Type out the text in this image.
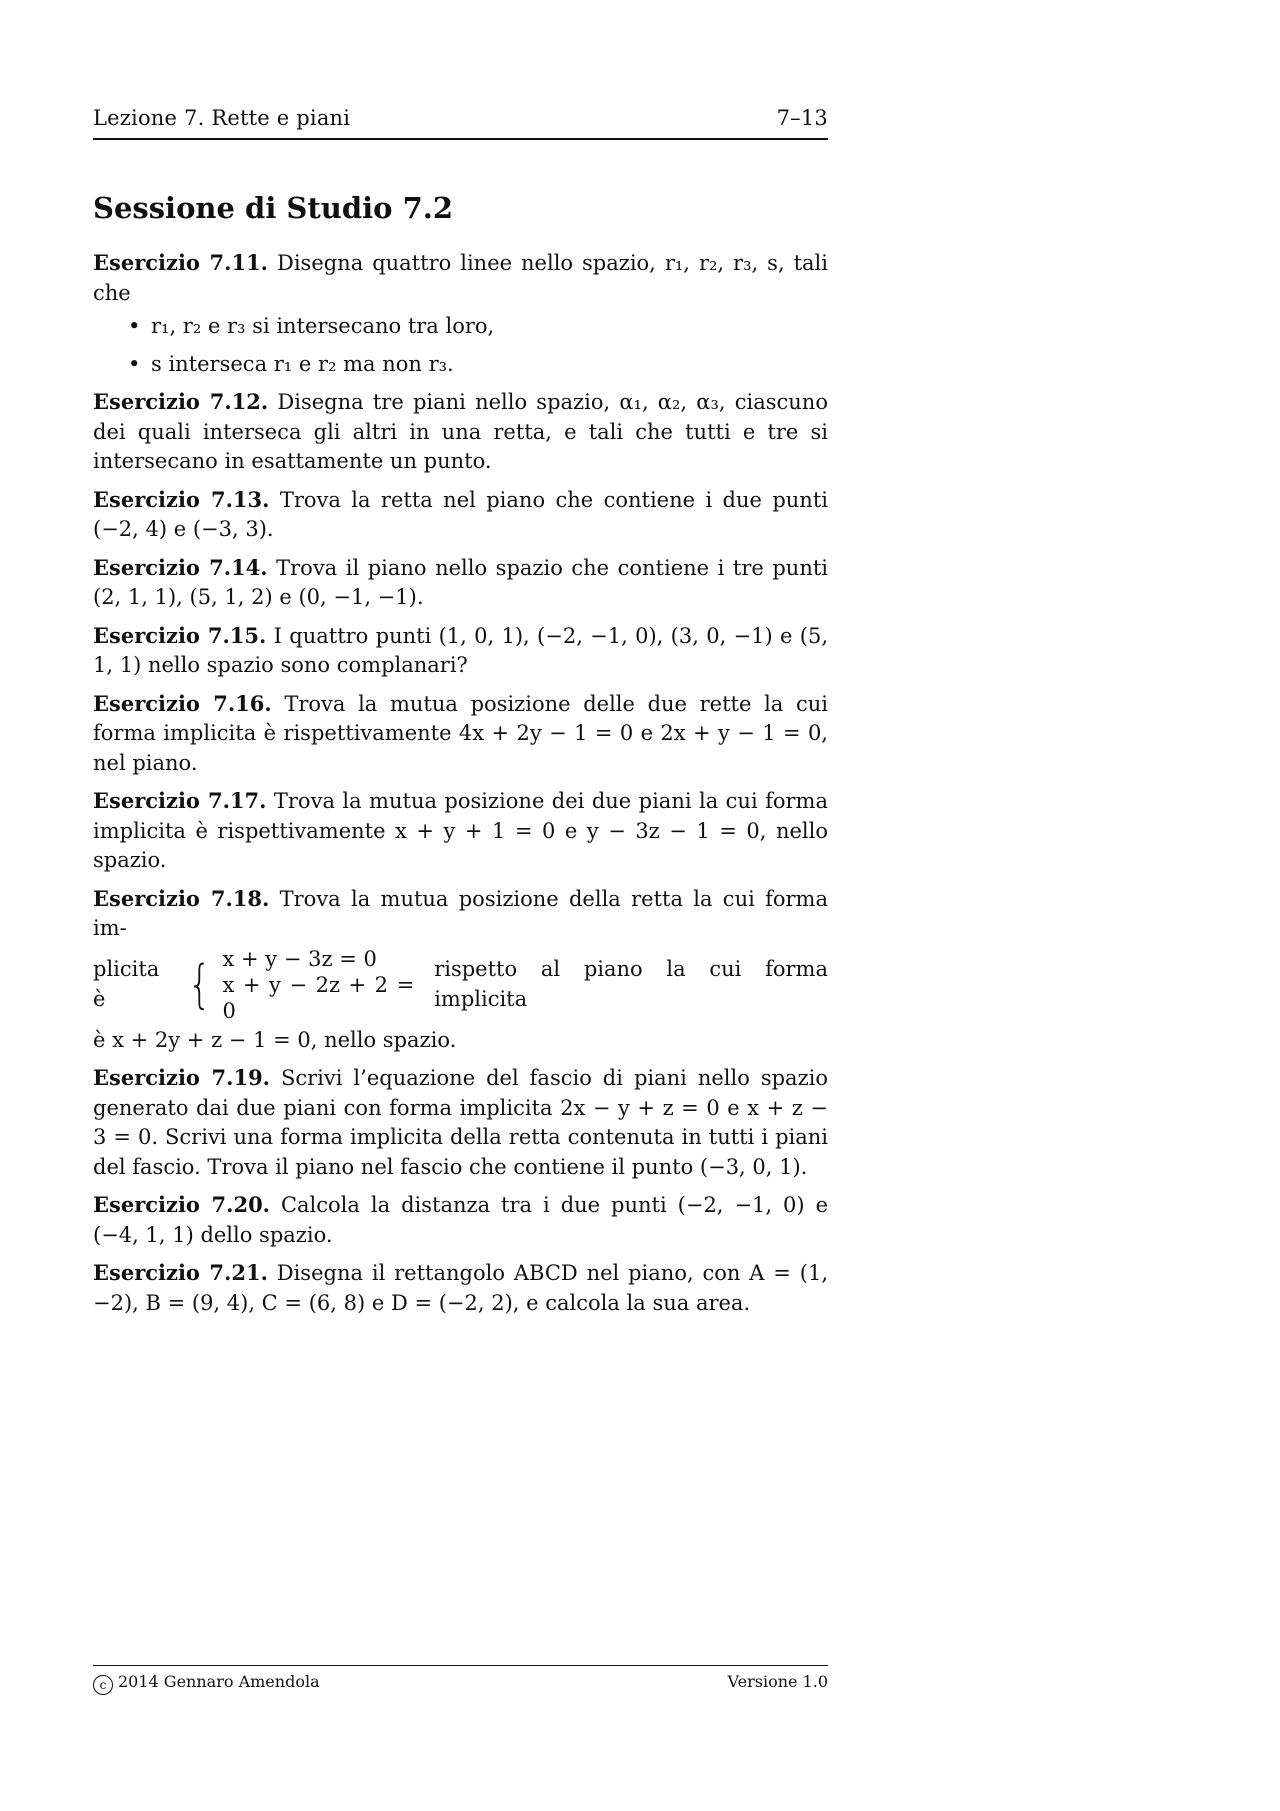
Lezione 7. Rette e piani	7–13
Sessione di Studio 7.2
Esercizio 7.11. Disegna quattro linee nello spazio, r₁, r₂, r₃, s, tali che
• r₁, r₂ e r₃ si intersecano tra loro,
• s interseca r₁ e r₂ ma non r₃.
Esercizio 7.12. Disegna tre piani nello spazio, α₁, α₂, α₃, ciascuno dei quali interseca gli altri in una retta, e tali che tutti e tre si intersecano in esattamente un punto.
Esercizio 7.13. Trova la retta nel piano che contiene i due punti (−2, 4) e (−3, 3).
Esercizio 7.14. Trova il piano nello spazio che contiene i tre punti (2, 1, 1), (5, 1, 2) e (0, −1, −1).
Esercizio 7.15. I quattro punti (1, 0, 1), (−2, −1, 0), (3, 0, −1) e (5, 1, 1) nello spazio sono complanari?
Esercizio 7.16. Trova la mutua posizione delle due rette la cui forma implicita è rispettivamente 4x + 2y − 1 = 0 e 2x + y − 1 = 0, nel piano.
Esercizio 7.17. Trova la mutua posizione dei due piani la cui forma implicita è rispettivamente x + y + 1 = 0 e y − 3z − 1 = 0, nello spazio.
Esercizio 7.18. Trova la mutua posizione della retta la cui forma im-
plicita è	{ x + y − 3z = 0
x + y − 2z + 2 = 0
rispetto al piano la cui forma implicita
è x + 2y + z − 1 = 0, nello spazio.
Esercizio 7.19. Scrivi l’equazione del fascio di piani nello spazio generato dai due piani con forma implicita 2x − y + z = 0 e x + z − 3 = 0. Scrivi una forma implicita della retta contenuta in tutti i piani del fascio. Trova il piano nel fascio che contiene il punto (−3, 0, 1).
Esercizio 7.20. Calcola la distanza tra i due punti (−2, −1, 0) e (−4, 1, 1) dello spazio.
Esercizio 7.21. Disegna il rettangolo ABCD nel piano, con A = (1, −2), B = (9, 4), C = (6, 8) e D = (−2, 2), e calcola la sua area.
c 2014 Gennaro Amendola	Versione 1.0
